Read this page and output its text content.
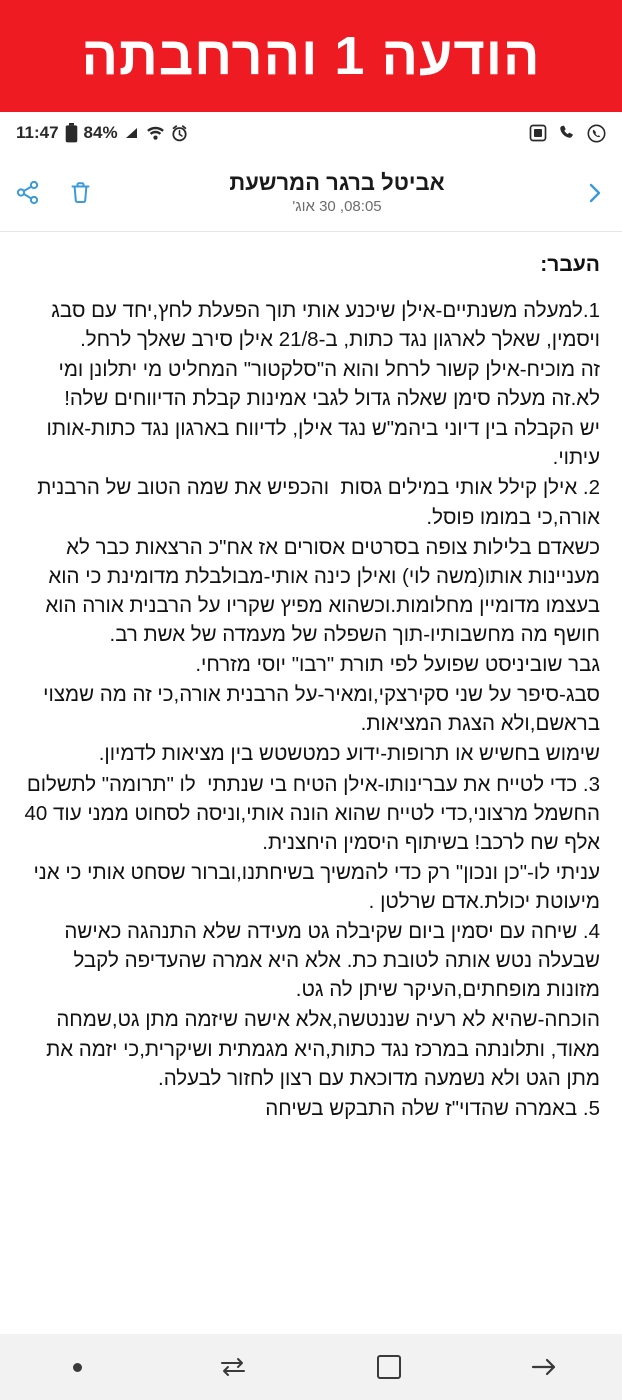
הודעה 1 והרחבתה
11:47 84%
אביטל ברגר המרשעת
08:05, 30 אוג'
העבר:

1.למעלה משנתיים-אילן שיכנע אותי תוך הפעלת לחץ,יחד עם סבג ויסמין, שאלך לארגון נגד כתות, ב-21/8 אילן סירב שאלך לרחל.

זה מוכיח-אילן קשור לרחל והוא ה"סלקטור" המחליט מי יתלונן ומי לא.זה מעלה סימן שאלה גדול לגבי אמינות קבלת הדיווחים שלה!

יש הקבלה בין דיוני ביהמ"ש נגד אילן, לדיווח בארגון נגד כתות-אותו עיתוי.

2. אילן קילל אותי במילים גסות  והכפיש את שמה הטוב של הרבנית אורה,כי במומו פוסל.

כשאדם בלילות צופה בסרטים אסורים אז אח"כ הרצאות כבר לא מעניינות אותו(משה לוי) ואילן כינה אותי-מבולבלת מדומינת כי הוא בעצמו מדומיין מחלומות.וכשהוא מפיץ שקריו על הרבנית אורה הוא חושף מה מחשבותיו-תוך השפלה של מעמדה של אשת רב.

גבר שוביניסט שפועל לפי תורת "רבו" יוסי מזרחי.

סבג-סיפר על שני סקירצקי,ומאיר-על הרבנית אורה,כי זה מה שמצוי בראשם,ולא הצגת המציאות.

שימוש בחשיש או תרופות-ידוע כמטשטש בין מציאות לדמיון.

3. כדי לטייח את עברינותו-אילן הטיח בי שנתתי  לו "תרומה" לתשלום החשמל מרצוני,כדי לטייח שהוא הונה אותי,וניסה לסחוט ממני עוד 40 אלף שח לרכב! בשיתוף היסמין היחצנית.

עניתי לו-"כן ונכון" רק כדי להמשיך בשיחתנו,וברור שסחט אותי כי אני מיעוטת יכולת.אדם שרלטן .

4. שיחה עם יסמין ביום שקיבלה גט מעידה שלא התנהגה כאישה שבעלה נטש אותה לטובת כת. אלא היא אמרה שהעדיפה לקבל מזונות מופחתים,העיקר שיתן לה גט.

הוכחה-שהיא לא רעיה שננטשה,אלא אישה שיזמה מתן גט,שמחה מאוד, ותלונתה במרכז נגד כתות,היא מגמתית ושיקרית,כי יזמה את מתן הגט ולא נשמעה מדוכאת עם רצון לחזור לבעלה.

5. באמרה שהדוי"ז שלה התבקש בשיחה
